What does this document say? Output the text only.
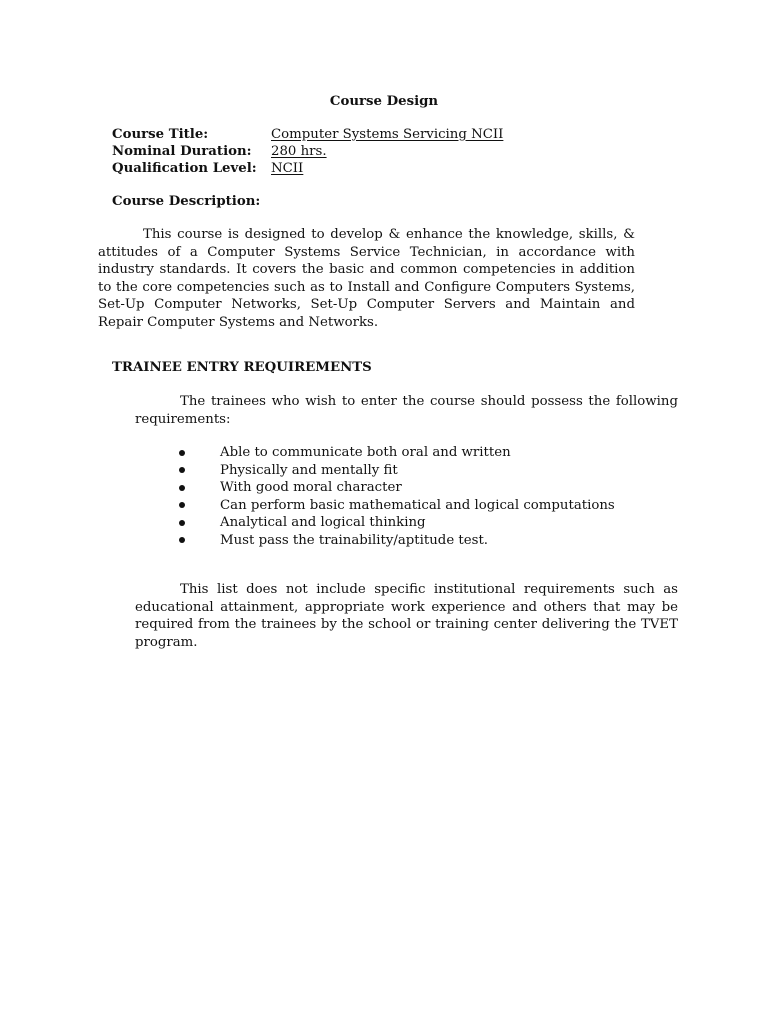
Course Design
Course Title:	Computer Systems Servicing NCII
Nominal Duration: 280 hrs.
Qualification Level: NCII
Course Description:
This course is designed to develop & enhance the knowledge, skills, & attitudes of a Computer Systems Service Technician, in accordance with industry standards. It covers the basic and common competencies in addition to the core competencies such as to Install and Configure Computers Systems, Set-Up Computer Networks, Set-Up Computer Servers and Maintain and Repair Computer Systems and Networks.
TRAINEE ENTRY REQUIREMENTS
The trainees who wish to enter the course should possess the following requirements:
Able to communicate both oral and written
Physically and mentally fit
With good moral character
Can perform basic mathematical and logical computations
Analytical and logical thinking
Must pass the trainability/aptitude test.
This list does not include specific institutional requirements such as educational attainment, appropriate work experience and others that may be required from the trainees by the school or training center delivering the TVET program.
